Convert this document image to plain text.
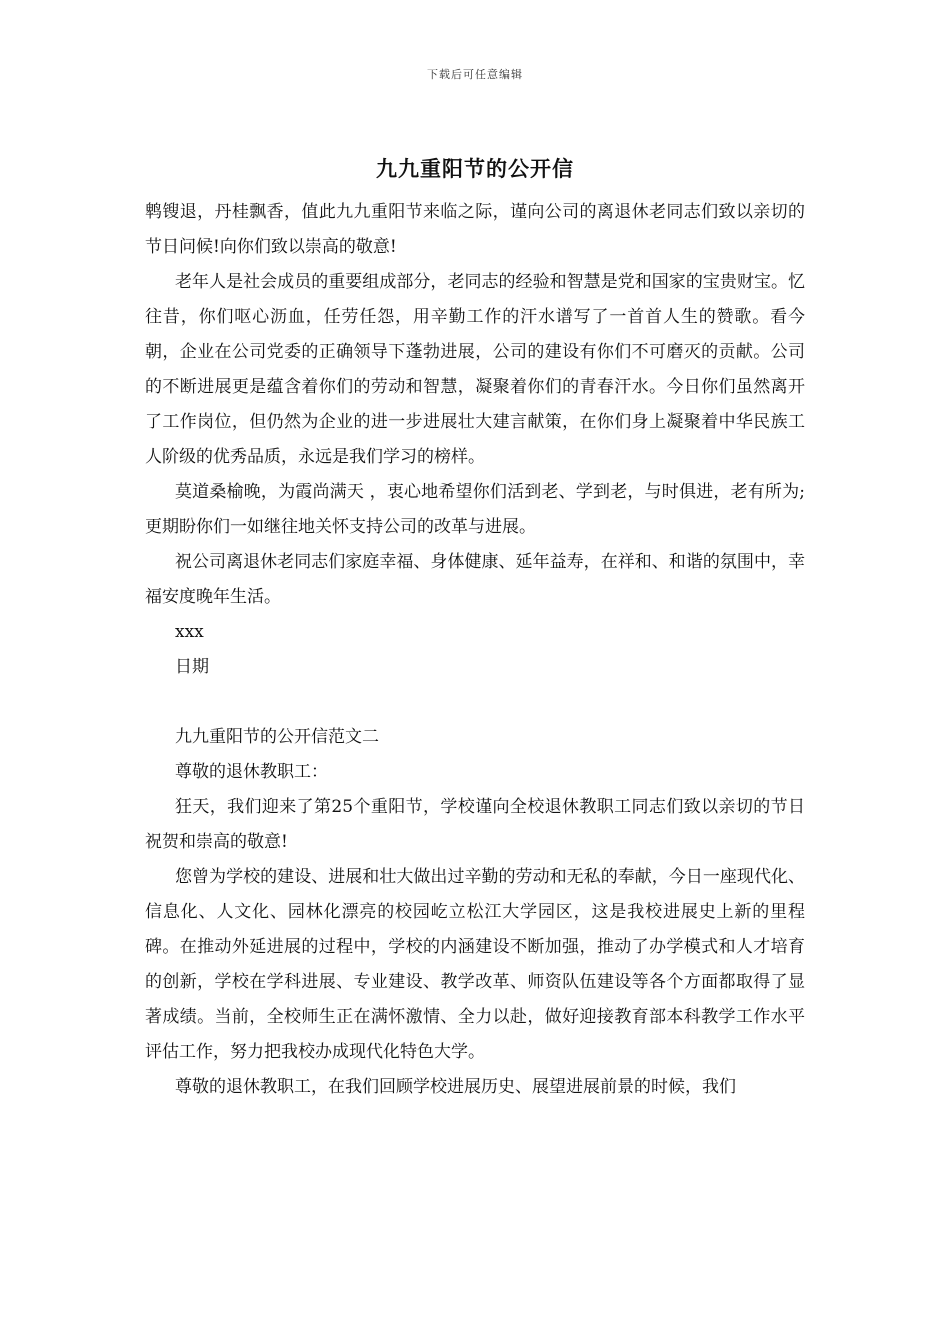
下载后可任意编辑
九九重阳节的公开信

鹎锼退，丹桂飘香，值此九九重阳节来临之际，谨向公司的离退休老同志们致以亲切的节日问候!向你们致以崇高的敬意!

老年人是社会成员的重要组成部分，老同志的经验和智慧是党和国家的宝贵财宝。忆往昔，你们呕心沥血，任劳任怨，用辛勤工作的汗水谱写了一首首人生的赞歌。看今朝，企业在公司党委的正确领导下蓬勃进展，公司的建设有你们不可磨灭的贡献。公司的不断进展更是蕴含着你们的劳动和智慧，凝聚着你们的青春汗水。今日你们虽然离开了工作岗位，但仍然为企业的进一步进展壮大建言献策，在你们身上凝聚着中华民族工人阶级的优秀品质，永远是我们学习的榜样。

莫道桑榆晚，为霞尚满天 ，衷心地希望你们活到老、学到老，与时俱进，老有所为;更期盼你们一如继往地关怀支持公司的改革与进展。

祝公司离退休老同志们家庭幸福、身体健康、延年益寿，在祥和、和谐的氛围中，幸福安度晚年生活。

xxx

日期

九九重阳节的公开信范文二

尊敬的退休教职工：

狂天，我们迎来了第25个重阳节，学校谨向全校退休教职工同志们致以亲切的节日祝贺和崇高的敬意!

您曾为学校的建设、进展和壮大做出过辛勤的劳动和无私的奉献，今日一座现代化、信息化、人文化、园林化漂亮的校园屹立松江大学园区，这是我校进展史上新的里程碑。在推动外延进展的过程中，学校的内涵建设不断加强，推动了办学模式和人才培育的创新，学校在学科进展、专业建设、教学改革、师资队伍建设等各个方面都取得了显著成绩。当前，全校师生正在满怀激情、全力以赴，做好迎接教育部本科教学工作水平评估工作，努力把我校办成现代化特色大学。

尊敬的退休教职工，在我们回顾学校进展历史、展望进展前景的时候，我们
